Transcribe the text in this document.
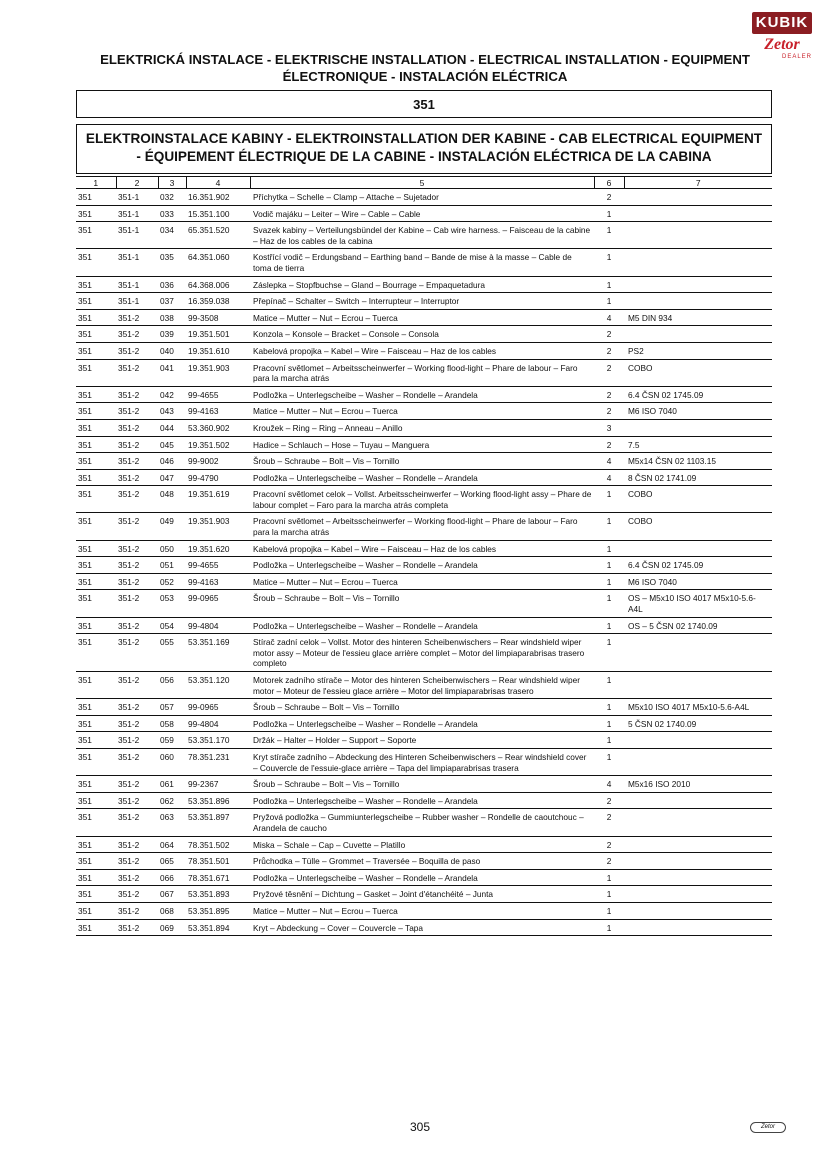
KUBIK
Zetor
DEALER
ELEKTRICKÁ INSTALACE - ELEKTRISCHE INSTALLATION - ELECTRICAL INSTALLATION - EQUIPMENT
ÉLECTRONIQUE - INSTALACIÓN ELÉCTRICA
351
ELEKTROINSTALACE KABINY - ELEKTROINSTALLATION DER KABINE - CAB ELECTRICAL EQUIPMENT
- ÉQUIPEMENT ÉLECTRIQUE DE LA CABINE - INSTALACIÓN ELÉCTRICA DE LA CABINA
1	2	3	4	5	6	7
351	351-1	032	16.351.902	Příchytka – Schelle – Clamp – Attache – Sujetador	2	
351	351-1	033	15.351.100	Vodič majáku – Leiter – Wire – Cable – Cable	1	
351	351-1	034	65.351.520	Svazek kabiny – Verteilungsbündel der Kabine – Cab wire harness. – Faisceau de la cabine – Haz de los cables de la cabina	1	
351	351-1	035	64.351.060	Kostřící vodič – Erdungsband – Earthing band – Bande de mise à la masse – Cable de toma de tierra	1	
351	351-1	036	64.368.006	Záslepka – Stopfbuchse – Gland – Bourrage – Empaquetadura	1	
351	351-1	037	16.359.038	Přepínač – Schalter – Switch – Interrupteur – Interruptor	1	
351	351-2	038	99-3508	Matice – Mutter – Nut – Ecrou – Tuerca	4	M5 DIN 934
351	351-2	039	19.351.501	Konzola – Konsole – Bracket – Console – Consola	2	
351	351-2	040	19.351.610	Kabelová propojka – Kabel – Wire – Faisceau – Haz de los cables	2	PS2
351	351-2	041	19.351.903	Pracovní světlomet – Arbeitsscheinwerfer – Working flood-light – Phare de labour – Faro para la marcha atrás	2	COBO
351	351-2	042	99-4655	Podložka – Unterlegscheibe – Washer – Rondelle – Arandela	2	6.4 ČSN 02 1745.09
351	351-2	043	99-4163	Matice – Mutter – Nut – Ecrou – Tuerca	2	M6 ISO 7040
351	351-2	044	53.360.902	Kroužek – Ring – Ring – Anneau – Anillo	3	
351	351-2	045	19.351.502	Hadice – Schlauch – Hose – Tuyau – Manguera	2	7.5
351	351-2	046	99-9002	Šroub – Schraube – Bolt – Vis – Tornillo	4	M5x14 ČSN 02 1103.15
351	351-2	047	99-4790	Podložka – Unterlegscheibe – Washer – Rondelle – Arandela	4	8 ČSN 02 1741.09
351	351-2	048	19.351.619	Pracovní světlomet celok – Vollst. Arbeitsscheinwerfer – Working flood-light assy – Phare de labour complet – Faro para la marcha atrás completa	1	COBO
351	351-2	049	19.351.903	Pracovní světlomet – Arbeitsscheinwerfer – Working flood-light – Phare de labour – Faro para la marcha atrás	1	COBO
351	351-2	050	19.351.620	Kabelová propojka – Kabel – Wire – Faisceau – Haz de los cables	1	
351	351-2	051	99-4655	Podložka – Unterlegscheibe – Washer – Rondelle – Arandela	1	6.4 ČSN 02 1745.09
351	351-2	052	99-4163	Matice – Mutter – Nut – Ecrou – Tuerca	1	M6 ISO 7040
351	351-2	053	99-0965	Šroub – Schraube – Bolt – Vis – Tornillo	1	OS – M5x10 ISO 4017 M5x10-5.6-A4L
351	351-2	054	99-4804	Podložka – Unterlegscheibe – Washer – Rondelle – Arandela	1	OS – 5 ČSN 02 1740.09
351	351-2	055	53.351.169	Stírač zadní celok – Vollst. Motor des hinteren Scheibenwischers – Rear windshield wiper motor assy – Moteur de l'essieu glace arrière complet – Motor del limpiaparabrisas trasero completo	1	
351	351-2	056	53.351.120	Motorek zadního stírače – Motor des hinteren Scheibenwischers – Rear windshield wiper motor – Moteur de l'essieu glace arrière – Motor del limpiaparabrisas trasero	1	
351	351-2	057	99-0965	Šroub – Schraube – Bolt – Vis – Tornillo	1	M5x10 ISO 4017 M5x10-5.6-A4L
351	351-2	058	99-4804	Podložka – Unterlegscheibe – Washer – Rondelle – Arandela	1	5 ČSN 02 1740.09
351	351-2	059	53.351.170	Držák – Halter – Holder – Support – Soporte	1	
351	351-2	060	78.351.231	Kryt stírače zadního – Abdeckung des Hinteren Scheibenwischers – Rear windshield cover – Couvercle de l'essuie-glace arrière – Tapa del limpiaparabrisas trasera	1	
351	351-2	061	99-2367	Šroub – Schraube – Bolt – Vis – Tornillo	4	M5x16 ISO 2010
351	351-2	062	53.351.896	Podložka – Unterlegscheibe – Washer – Rondelle – Arandela	2	
351	351-2	063	53.351.897	Pryžová podložka – Gummiunterlegscheibe – Rubber washer – Rondelle de caoutchouc – Arandela de caucho	2	
351	351-2	064	78.351.502	Miska – Schale – Cap – Cuvette – Platillo	2	
351	351-2	065	78.351.501	Průchodka – Tülle – Grommet – Traversée – Boquilla de paso	2	
351	351-2	066	78.351.671	Podložka – Unterlegscheibe – Washer – Rondelle – Arandela	1	
351	351-2	067	53.351.893	Pryžové těsnění – Dichtung – Gasket – Joint d'étanchéité – Junta	1	
351	351-2	068	53.351.895	Matice – Mutter – Nut – Ecrou – Tuerca	1	
351	351-2	069	53.351.894	Kryt – Abdeckung – Cover – Couvercle – Tapa	1	
305	Zetor
